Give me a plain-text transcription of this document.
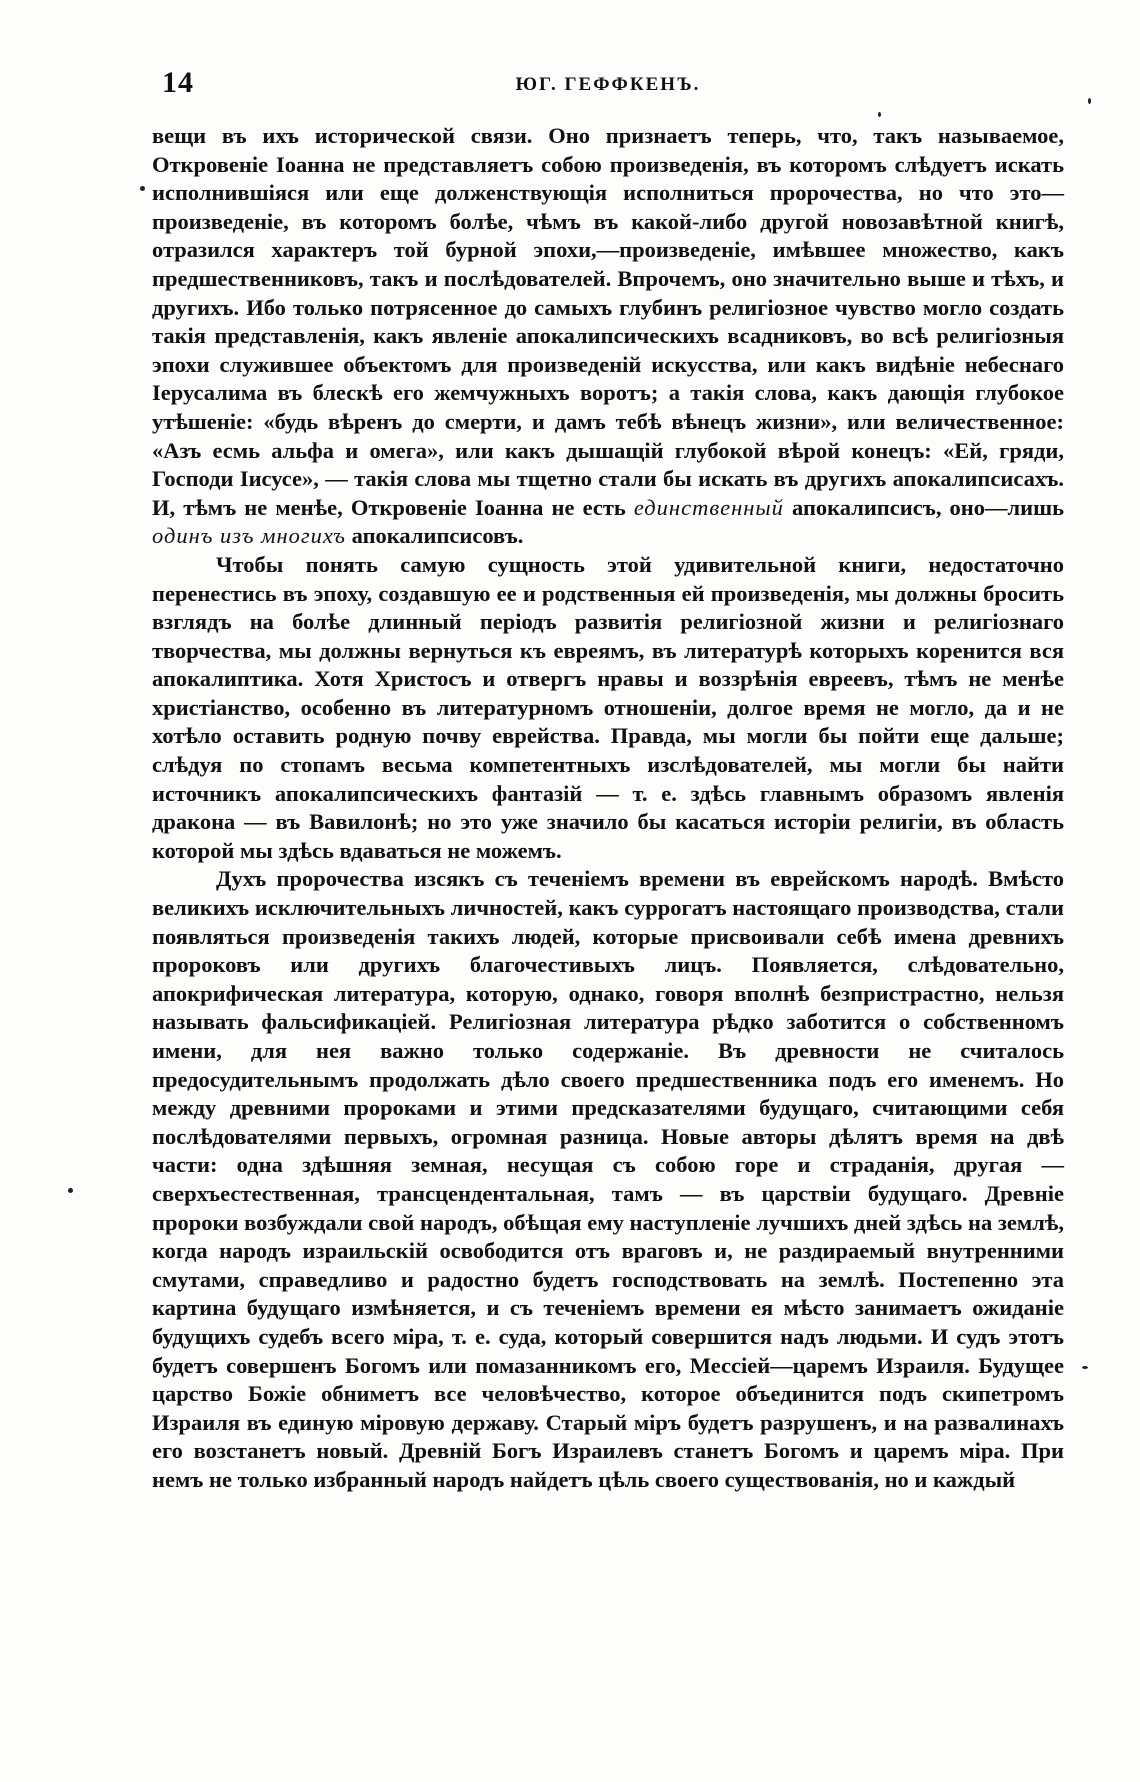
14	ЮГ. ГЕФФКЕНЪ.

вещи въ ихъ исторической связи. Оно признаетъ теперь, что, такъ называемое, Откровеніе Іоанна не представляетъ собою произведенія, въ которомъ слѣдуетъ искать исполнившіяся или еще долженствующія исполниться пророчества, но что это—произведеніе, въ которомъ болѣе, чѣмъ въ какой-либо другой новозавѣтной книгѣ, отразился характеръ той бурной эпохи,—произведеніе, имѣвшее множество, какъ предшественниковъ, такъ и послѣдователей. Впрочемъ, оно значительно выше и тѣхъ, и другихъ. Ибо только потрясенное до самыхъ глубинъ религіозное чувство могло создать такія представленія, какъ явленіе апокалипсическихъ всадниковъ, во всѣ религіозныя эпохи служившее объектомъ для произведеній искусства, или какъ видѣніе небеснаго Іерусалима въ блескѣ его жемчужныхъ воротъ; а такія слова, какъ дающія глубокое утѣшеніе: «будь вѣренъ до смерти, и дамъ тебѣ вѣнецъ жизни», или величественное: «Азъ есмь альфа и омега», или какъ дышащій глубокой вѣрой конецъ: «Ей, гряди, Господи Іисусе», — такія слова мы тщетно стали бы искать въ другихъ апокалипсисахъ. И, тѣмъ не менѣе, Откровеніе Іоанна не есть единственный апокалипсисъ, оно—лишь одинъ изъ многихъ апокалипсисовъ.

Чтобы понять самую сущность этой удивительной книги, недостаточно перенестись въ эпоху, создавшую ее и родственныя ей произведенія, мы должны бросить взглядъ на болѣе длинный періодъ развитія религіозной жизни и религіознаго творчества, мы должны вернуться къ евреямъ, въ литературѣ которыхъ коренится вся апокалиптика. Хотя Христосъ и отвергъ нравы и воззрѣнія евреевъ, тѣмъ не менѣе христіанство, особенно въ литературномъ отношеніи, долгое время не могло, да и не хотѣло оставить родную почву еврейства. Правда, мы могли бы пойти еще дальше; слѣдуя по стопамъ весьма компетентныхъ изслѣдователей, мы могли бы найти источникъ апокалипсическихъ фантазій — т. е. здѣсь главнымъ образомъ явленія дракона — въ Вавилонѣ; но это уже значило бы касаться исторіи религіи, въ область которой мы здѣсь вдаваться не можемъ.

Духъ пророчества изсякъ съ теченіемъ времени въ еврейскомъ народѣ. Вмѣсто великихъ исключительныхъ личностей, какъ суррогатъ настоящаго производства, стали появляться произведенія такихъ людей, которые присвоивали себѣ имена древнихъ пророковъ или другихъ благочестивыхъ лицъ. Появляется, слѣдовательно, апокрифическая литература, которую, однако, говоря вполнѣ безпристрастно, нельзя называть фальсификаціей. Религіозная литература рѣдко заботится о собственномъ имени, для нея важно только содержаніе. Въ древности не считалось предосудительнымъ продолжать дѣло своего предшественника подъ его именемъ. Но между древними пророками и этими предсказателями будущаго, считающими себя послѣдователями первыхъ, огромная разница. Новые авторы дѣлятъ время на двѣ части: одна здѣшняя земная, несущая съ собою горе и страданія, другая — сверхъестественная, трансцендентальная, тамъ — въ царствіи будущаго. Древніе пророки возбуждали свой народъ, обѣщая ему наступленіе лучшихъ дней здѣсь на землѣ, когда народъ израильскій освободится отъ враговъ и, не раздираемый внутренними смутами, справедливо и радостно будетъ господствовать на землѣ. Постепенно эта картина будущаго измѣняется, и съ теченіемъ времени ея мѣсто занимаетъ ожиданіе будущихъ судебъ всего міра, т. е. суда, который совершится надъ людьми. И судъ этотъ будетъ совершенъ Богомъ или помазанникомъ его, Мессіей—царемъ Израиля. Будущее царство Божіе обниметъ все человѣчество, которое объединится подъ скипетромъ Израиля въ единую міровую державу. Старый міръ будетъ разрушенъ, и на развалинахъ его возстанетъ новый. Древній Богъ Израилевъ станетъ Богомъ и царемъ міра. При немъ не только избранный народъ найдетъ цѣль своего существованія, но и каждый
